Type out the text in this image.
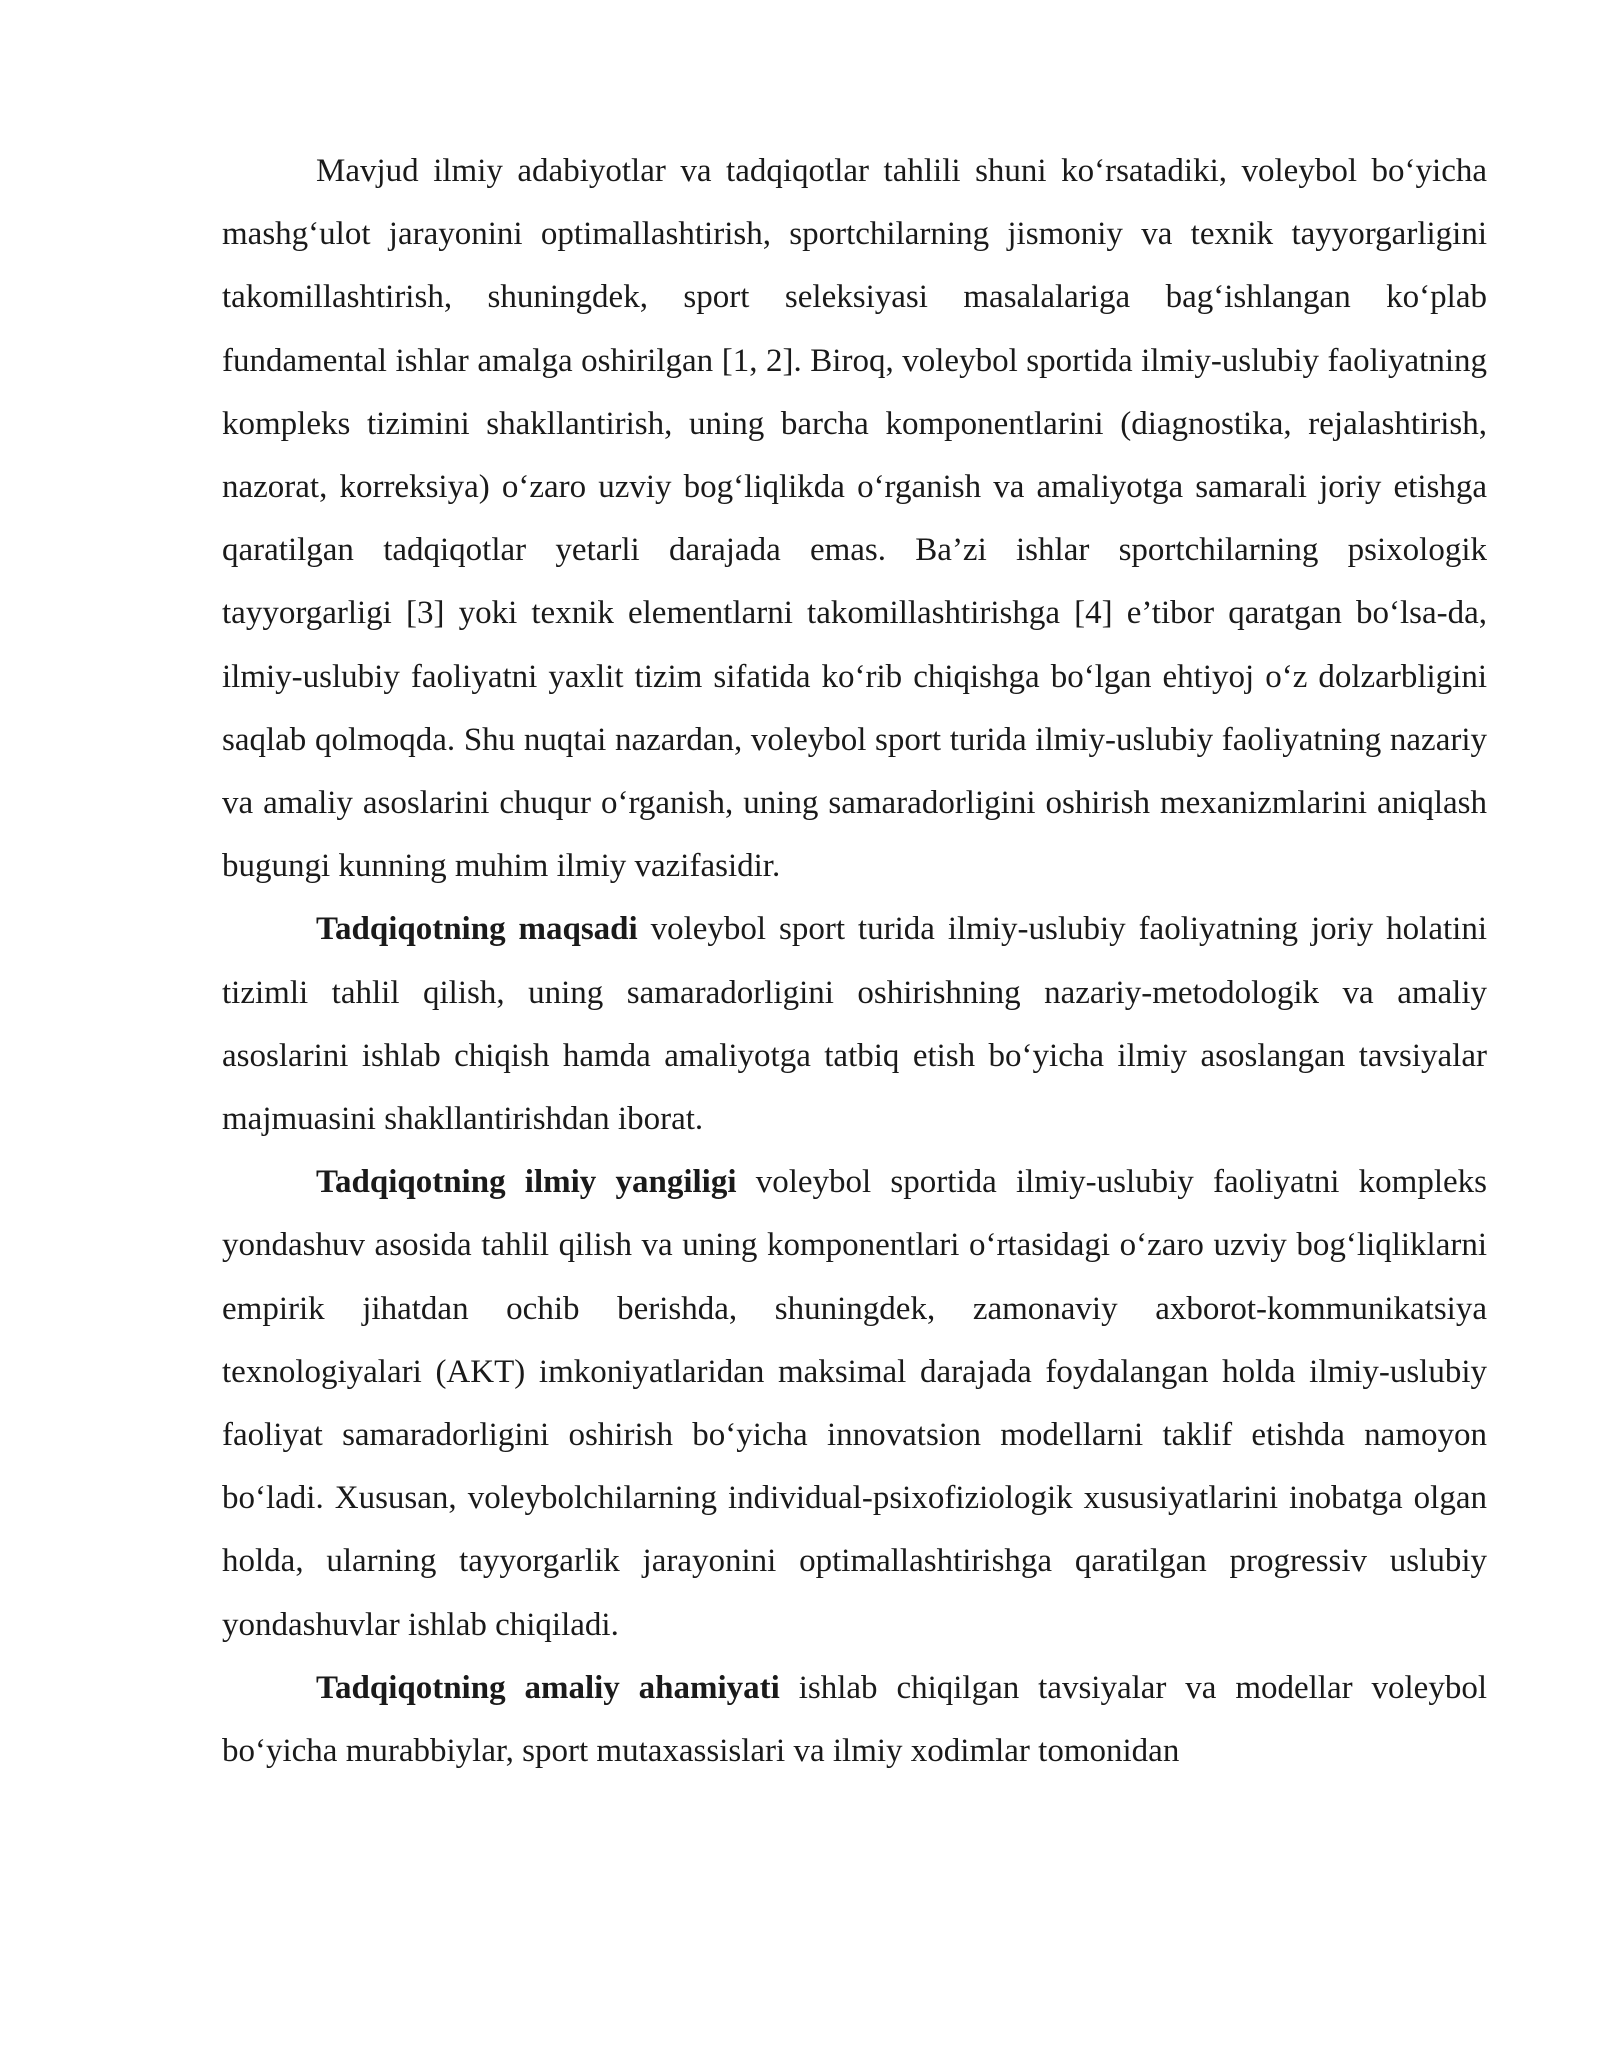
Mavjud ilmiy adabiyotlar va tadqiqotlar tahlili shuni ko‘rsatadiki, voleybol bo‘yicha mashg‘ulot jarayonini optimallashtirish, sportchilarning jismoniy va texnik tayyorgarligini takomillashtirish, shuningdek, sport seleksiyasi masalalariga bag‘ishlangan ko‘plab fundamental ishlar amalga oshirilgan [1, 2]. Biroq, voleybol sportida ilmiy-uslubiy faoliyatning kompleks tizimini shakllantirish, uning barcha komponentlarini (diagnostika, rejalashtirish, nazorat, korreksiya) o‘zaro uzviy bog‘liqlikda o‘rganish va amaliyotga samarali joriy etishga qaratilgan tadqiqotlar yetarli darajada emas. Ba’zi ishlar sportchilarning psixologik tayyorgarligi [3] yoki texnik elementlarni takomillashtirishga [4] e’tibor qaratgan bo‘lsa-da, ilmiy-uslubiy faoliyatni yaxlit tizim sifatida ko‘rib chiqishga bo‘lgan ehtiyoj o‘z dolzarbligini saqlab qolmoqda. Shu nuqtai nazardan, voleybol sport turida ilmiy-uslubiy faoliyatning nazariy va amaliy asoslarini chuqur o‘rganish, uning samaradorligini oshirish mexanizmlarini aniqlash bugungi kunning muhim ilmiy vazifasidir.

Tadqiqotning maqsadi voleybol sport turida ilmiy-uslubiy faoliyatning joriy holatini tizimli tahlil qilish, uning samaradorligini oshirishning nazariy-metodologik va amaliy asoslarini ishlab chiqish hamda amaliyotga tatbiq etish bo‘yicha ilmiy asoslangan tavsiyalar majmuasini shakllantirishdan iborat.

Tadqiqotning ilmiy yangiligi voleybol sportida ilmiy-uslubiy faoliyatni kompleks yondashuv asosida tahlil qilish va uning komponentlari o‘rtasidagi o‘zaro uzviy bog‘liqliklarni empirik jihatdan ochib berishda, shuningdek, zamonaviy axborot-kommunikatsiya texnologiyalari (AKT) imkoniyatlaridan maksimal darajada foydalangan holda ilmiy-uslubiy faoliyat samaradorligini oshirish bo‘yicha innovatsion modellarni taklif etishda namoyon bo‘ladi. Xususan, voleybolchilarning individual-psixofiziologik xususiyatlarini inobatga olgan holda, ularning tayyorgarlik jarayonini optimallashtirishga qaratilgan progressiv uslubiy yondashuvlar ishlab chiqiladi.

Tadqiqotning amaliy ahamiyati ishlab chiqilgan tavsiyalar va modellar voleybol bo‘yicha murabbiylar, sport mutaxassislari va ilmiy xodimlar tomonidan
